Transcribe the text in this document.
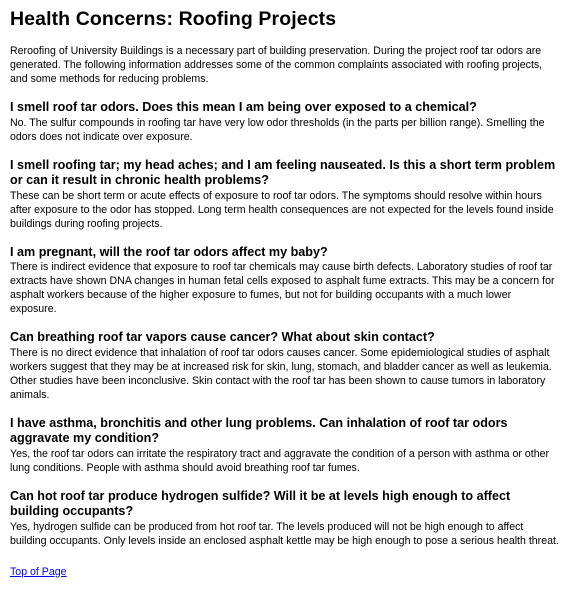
Health Concerns: Roofing Projects

Reroofing of University Buildings is a necessary part of building preservation. During the project roof tar odors are generated. The following information addresses some of the common complaints associated with roofing projects, and some methods for reducing problems.

I smell roof tar odors. Does this mean I am being over exposed to a chemical?

No. The sulfur compounds in roofing tar have very low odor thresholds (in the parts per billion range). Smelling the odors does not indicate over exposure.

I smell roofing tar; my head aches; and I am feeling nauseated. Is this a short term problem or can it result in chronic health problems?

These can be short term or acute effects of exposure to roof tar odors. The symptoms should resolve within hours after exposure to the odor has stopped. Long term health consequences are not expected for the levels found inside buildings during roofing projects.

I am pregnant, will the roof tar odors affect my baby?

There is indirect evidence that exposure to roof tar chemicals may cause birth defects. Laboratory studies of roof tar extracts have shown DNA changes in human fetal cells exposed to asphalt fume extracts. This may be a concern for asphalt workers because of the higher exposure to fumes, but not for building occupants with a much lower exposure.

Can breathing roof tar vapors cause cancer? What about skin contact?

There is no direct evidence that inhalation of roof tar odors causes cancer. Some epidemiological studies of asphalt workers suggest that they may be at increased risk for skin, lung, stomach, and bladder cancer as well as leukemia. Other studies have been inconclusive. Skin contact with the roof tar has been shown to cause tumors in laboratory animals.

I have asthma, bronchitis and other lung problems. Can inhalation of roof tar odors aggravate my condition?

Yes, the roof tar odors can irritate the respiratory tract and aggravate the condition of a person with asthma or other lung conditions. People with asthma should avoid breathing roof tar fumes.

Can hot roof tar produce hydrogen sulfide? Will it be at levels high enough to affect building occupants?

Yes, hydrogen sulfide can be produced from hot roof tar. The levels produced will not be high enough to affect building occupants. Only levels inside an enclosed asphalt kettle may be high enough to pose a serious health threat.

Top of Page
